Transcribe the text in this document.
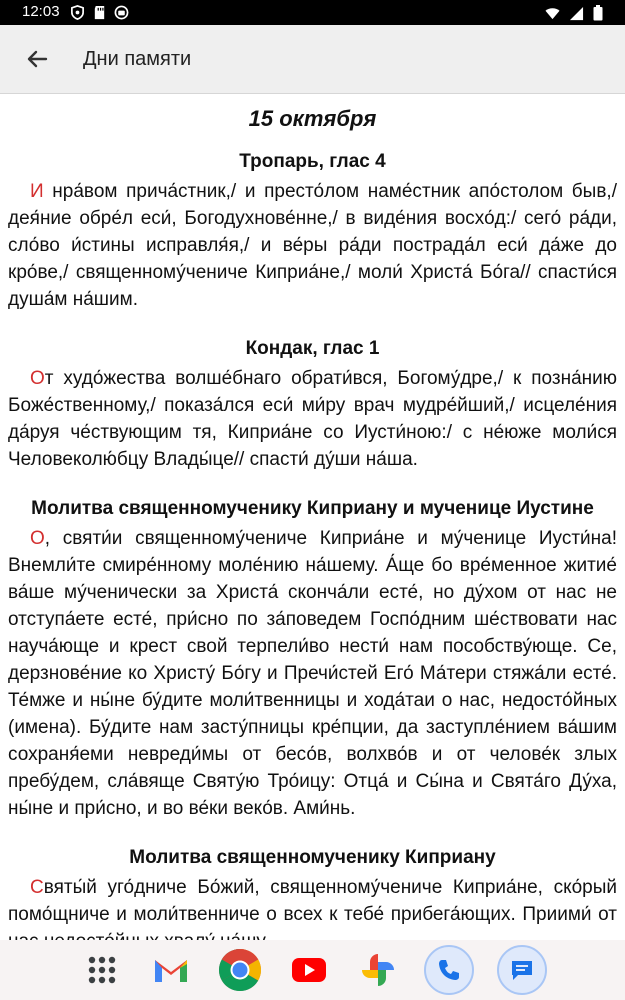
12:03
Дни памяти
15 октября
Тропарь, глас 4

И нра́вом прича́стник,/ и престо́лом наме́стник апо́столом быв,/ дея́ние обре́л еси́, Богодухнове́нне,/ в виде́ния восхо́д:/ сего́ ра́ди, сло́во и́стины исправля́я,/ и ве́ры ра́ди пострада́л еси́ да́же до кро́ве,/ священному́чениче Киприа́не,/ моли́ Христа́ Бо́га// спасти́ся душа́м на́шим.

Кондак, глас 1

От худо́жества волше́бнаго обрати́вся, Богому́дре,/ к позна́нию Боже́ственному,/ показа́лся еси́ ми́ру врач мудре́йший,/ исцеле́ния да́руя че́ствующим тя, Киприа́не со Иусти́ною:/ с не́юже моли́ся Человеколю́бцу Влады́це// спасти́ ду́ши на́ша.

Молитва священномученику Киприану и мученице Иустине

О, святи́и священному́чениче Киприа́не и му́ченице Иусти́на! Внемли́те смире́нному моле́нию на́шему. А́ще бо вре́менное житие́ ва́ше му́ченически за Христа́ сконча́ли есте́, но ду́хом от нас не отступа́ете есте́, при́сно по за́поведем Госпо́дним ше́ствовати нас науча́юще и крест свой терпели́во нести́ нам пособству́юще. Се, дерзнове́ние ко Христу́ Бо́гу и Пречи́стей Его́ Ма́тери стяжа́ли есте́. Те́мже и ны́не бу́дите моли́твенницы и хода́таи о нас, недосто́йных (имена). Бу́дите нам засту́пницы кре́пции, да заступле́нием ва́шим сохраня́еми невреди́мы от бесо́в, волхво́в и от челове́к злых пребу́дем, сла́вяще Святу́ю Тро́ицу: Отца́ и Сы́на и Свята́го Ду́ха, ны́не и при́сно, и во ве́ки веко́в. Ами́нь.

Молитва священномученику Киприану

Святы́й уго́дниче Бо́жий, священному́чениче Киприа́не, ско́рый помо́щниче и моли́твенниче о всех к тебе́ прибега́ющих. Приими́ от
